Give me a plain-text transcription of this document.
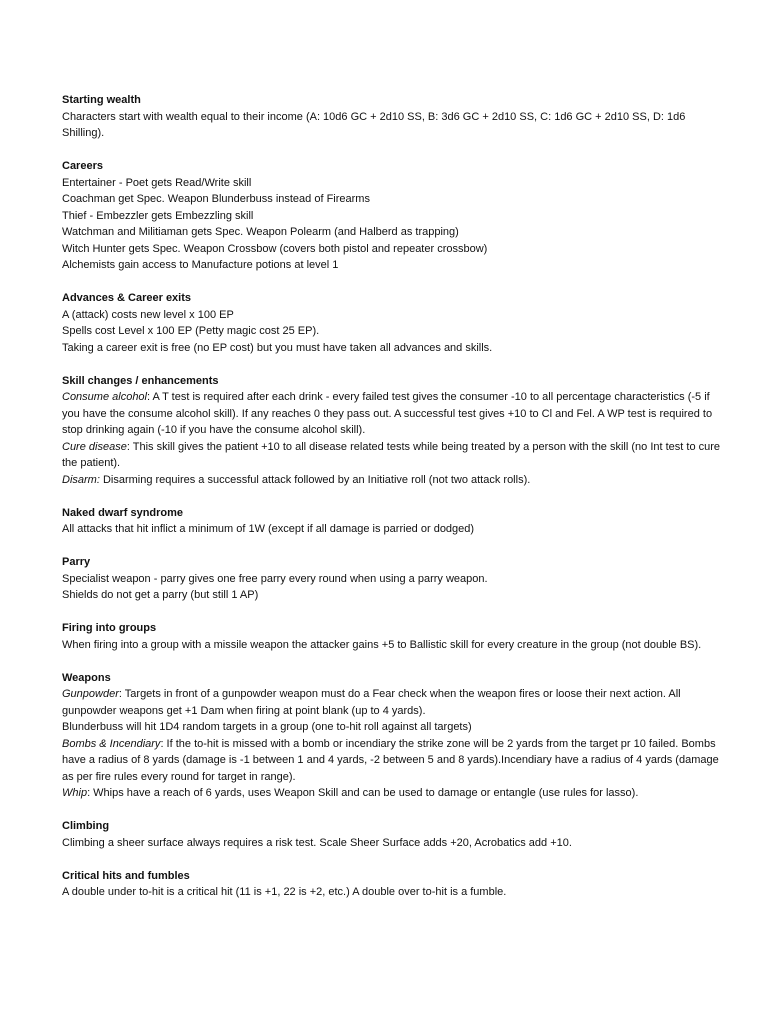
Starting wealth
Characters start with wealth equal to their income (A: 10d6 GC + 2d10 SS, B: 3d6 GC + 2d10 SS, C: 1d6 GC + 2d10 SS, D: 1d6 Shilling).
Careers
Entertainer - Poet gets Read/Write skill
Coachman get Spec. Weapon Blunderbuss instead of Firearms
Thief - Embezzler gets Embezzling skill
Watchman and Militiaman gets Spec. Weapon Polearm (and Halberd as trapping)
Witch Hunter gets Spec. Weapon Crossbow (covers both pistol and repeater crossbow)
Alchemists gain access to Manufacture potions at level 1
Advances & Career exits
A (attack) costs new level x 100 EP
Spells cost Level x 100 EP (Petty magic cost 25 EP).
Taking a career exit is free (no EP cost) but you must have taken all advances and skills.
Skill changes / enhancements
Consume alcohol: A T test is required after each drink - every failed test gives the consumer -10 to all percentage characteristics (-5 if you have the consume alcohol skill). If any reaches 0 they pass out. A successful test gives +10 to Cl and Fel. A WP test is required to stop drinking again (-10 if you have the consume alcohol skill).
Cure disease: This skill gives the patient +10 to all disease related tests while being treated by a person with the skill (no Int test to cure the patient).
Disarm: Disarming requires a successful attack followed by an Initiative roll (not two attack rolls).
Naked dwarf syndrome
All attacks that hit inflict a minimum of 1W (except if all damage is parried or dodged)
Parry
Specialist weapon - parry gives one free parry every round when using a parry weapon.
Shields do not get a parry (but still 1 AP)
Firing into groups
When firing into a group with a missile weapon the attacker gains +5 to Ballistic skill for every creature in the group (not double BS).
Weapons
Gunpowder: Targets in front of a gunpowder weapon must do a Fear check when the weapon fires or loose their next action. All gunpowder weapons get +1 Dam when firing at point blank (up to 4 yards).
Blunderbuss will hit 1D4 random targets in a group (one to-hit roll against all targets)
Bombs & Incendiary: If the to-hit is missed with a bomb or incendiary the strike zone will be 2 yards from the target pr 10 failed. Bombs have a radius of 8 yards (damage is -1 between 1 and 4 yards, -2 between 5 and 8 yards).Incendiary have a radius of 4 yards (damage as per fire rules every round for target in range).
Whip: Whips have a reach of 6 yards, uses Weapon Skill and can be used to damage or entangle (use rules for lasso).
Climbing
Climbing a sheer surface always requires a risk test. Scale Sheer Surface adds +20, Acrobatics add +10.
Critical hits and fumbles
A double under to-hit is a critical hit (11 is +1, 22 is +2, etc.) A double over to-hit is a fumble.
